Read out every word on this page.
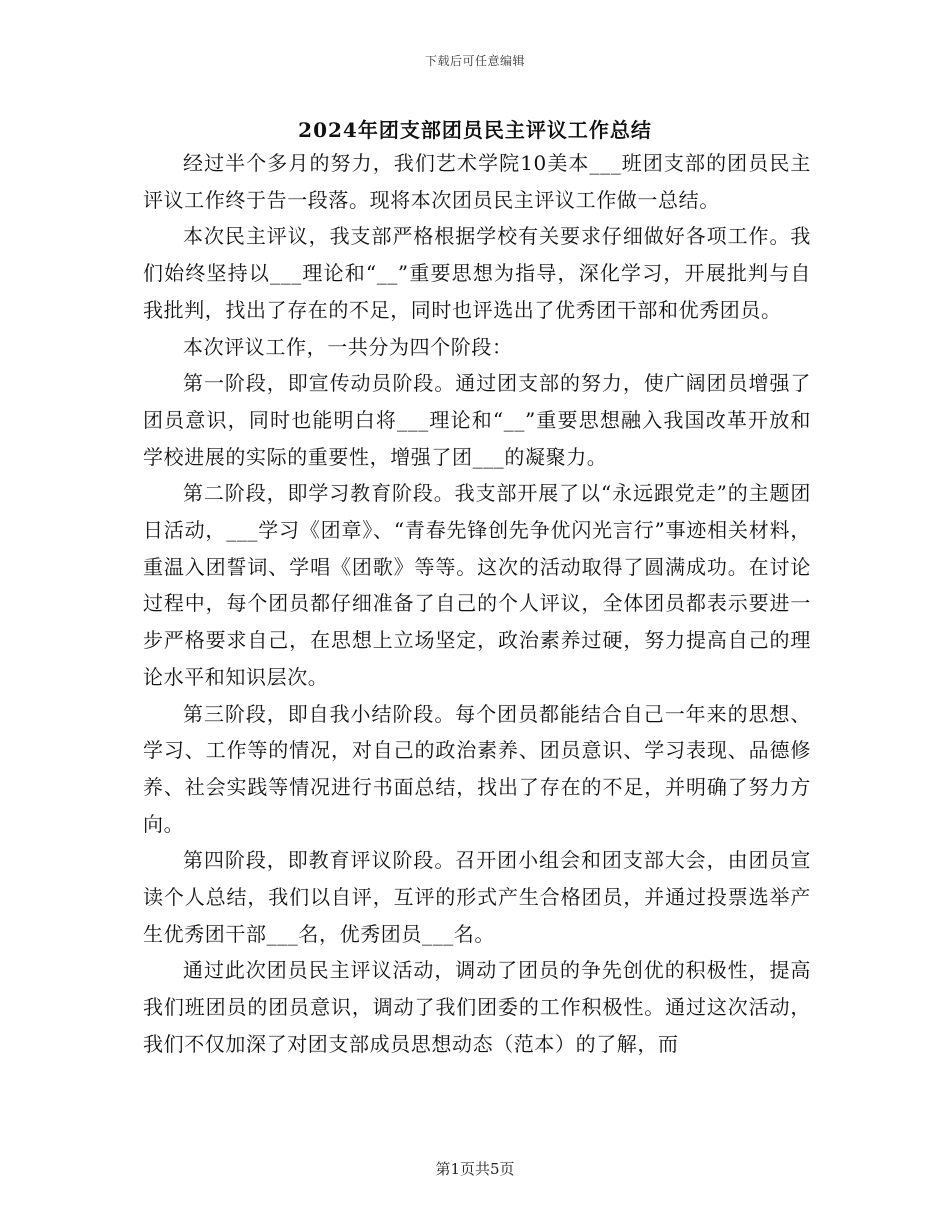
下载后可任意编辑
2024年团支部团员民主评议工作总结

经过半个多月的努力，我们艺术学院10美本___班团支部的团员民主评议工作终于告一段落。现将本次团员民主评议工作做一总结。

本次民主评议，我支部严格根据学校有关要求仔细做好各项工作。我们始终坚持以___理论和“__”重要思想为指导，深化学习，开展批判与自我批判，找出了存在的不足，同时也评选出了优秀团干部和优秀团员。

本次评议工作，一共分为四个阶段：

第一阶段，即宣传动员阶段。通过团支部的努力，使广阔团员增强了团员意识，同时也能明白将___理论和“__”重要思想融入我国改革开放和学校进展的实际的重要性，增强了团___的凝聚力。

第二阶段，即学习教育阶段。我支部开展了以“永远跟党走”的主题团日活动，___学习《团章》、“青春先锋创先争优闪光言行”事迹相关材料，重温入团誓词、学唱《团歌》等等。这次的活动取得了圆满成功。在讨论过程中，每个团员都仔细准备了自己的个人评议，全体团员都表示要进一步严格要求自己，在思想上立场坚定，政治素养过硬，努力提高自己的理论水平和知识层次。

第三阶段，即自我小结阶段。每个团员都能结合自己一年来的思想、学习、工作等的情况，对自己的政治素养、团员意识、学习表现、品德修养、社会实践等情况进行书面总结，找出了存在的不足，并明确了努力方向。

第四阶段，即教育评议阶段。召开团小组会和团支部大会，由团员宣读个人总结，我们以自评，互评的形式产生合格团员，并通过投票选举产生优秀团干部___名，优秀团员___名。

通过此次团员民主评议活动，调动了团员的争先创优的积极性，提高我们班团员的团员意识，调动了我们团委的工作积极性。通过这次活动，我们不仅加深了对团支部成员思想动态（范本）的了解，而

第1页共5页
